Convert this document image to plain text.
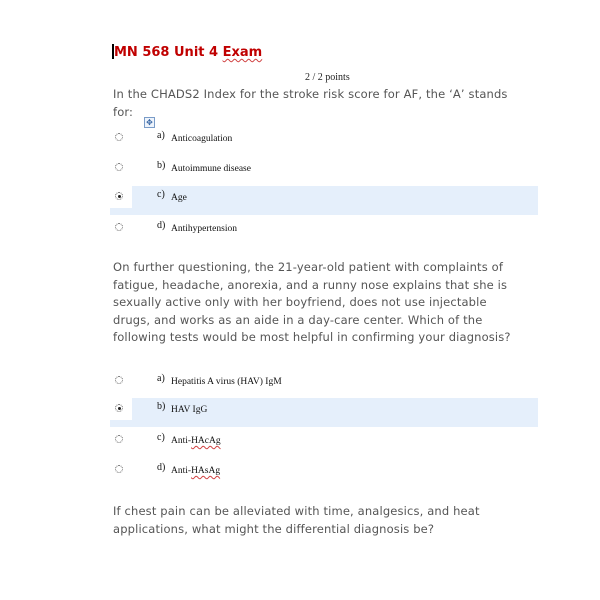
MN 568 Unit 4 Exam
2 / 2 points
In the CHADS2 Index for the stroke risk score for AF, the ‘A’ stands for:
✥
a) Anticoagulation
b) Autoimmune disease
c) Age
d) Antihypertension
On further questioning, the 21-year-old patient with complaints of fatigue, headache, anorexia, and a runny nose explains that she is sexually active only with her boyfriend, does not use injectable drugs, and works as an aide in a day-care center. Which of the following tests would be most helpful in confirming your diagnosis?
a) Hepatitis A virus (HAV) IgM
b) HAV IgG
c) Anti-HAcAg
d) Anti-HAsAg
If chest pain can be alleviated with time, analgesics, and heat applications, what might the differential diagnosis be?
